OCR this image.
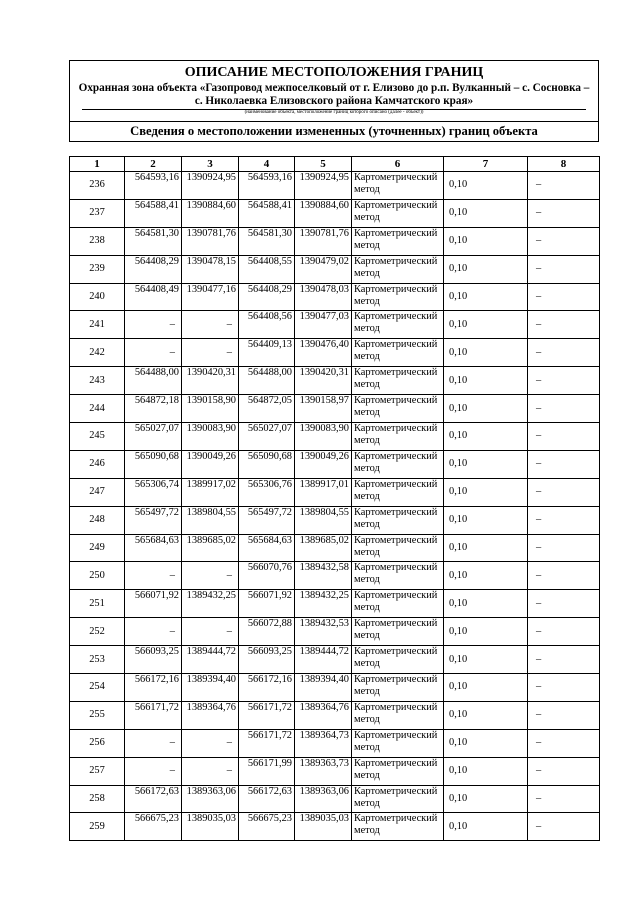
ОПИСАНИЕ МЕСТОПОЛОЖЕНИЯ ГРАНИЦ
Охранная зона объекта «Газопровод межпоселковый от г. Елизово до р.п. Вулканный – с. Сосновка – с. Николаевка Елизовского района Камчатского края»
(наименование объекта, местоположение границ которого описано (далее - объект))
Сведения о местоположении измененных (уточненных) границ объекта
1	2	3	4	5	6	7	8
236	564593,16	1390924,95	564593,16	1390924,95	Картометрический метод	0,10	–
237	564588,41	1390884,60	564588,41	1390884,60	Картометрический метод	0,10	–
238	564581,30	1390781,76	564581,30	1390781,76	Картометрический метод	0,10	–
239	564408,29	1390478,15	564408,55	1390479,02	Картометрический метод	0,10	–
240	564408,49	1390477,16	564408,29	1390478,03	Картометрический метод	0,10	–
241	–	–	564408,56	1390477,03	Картометрический метод	0,10	–
242	–	–	564409,13	1390476,40	Картометрический метод	0,10	–
243	564488,00	1390420,31	564488,00	1390420,31	Картометрический метод	0,10	–
244	564872,18	1390158,90	564872,05	1390158,97	Картометрический метод	0,10	–
245	565027,07	1390083,90	565027,07	1390083,90	Картометрический метод	0,10	–
246	565090,68	1390049,26	565090,68	1390049,26	Картометрический метод	0,10	–
247	565306,74	1389917,02	565306,76	1389917,01	Картометрический метод	0,10	–
248	565497,72	1389804,55	565497,72	1389804,55	Картометрический метод	0,10	–
249	565684,63	1389685,02	565684,63	1389685,02	Картометрический метод	0,10	–
250	–	–	566070,76	1389432,58	Картометрический метод	0,10	–
251	566071,92	1389432,25	566071,92	1389432,25	Картометрический метод	0,10	–
252	–	–	566072,88	1389432,53	Картометрический метод	0,10	–
253	566093,25	1389444,72	566093,25	1389444,72	Картометрический метод	0,10	–
254	566172,16	1389394,40	566172,16	1389394,40	Картометрический метод	0,10	–
255	566171,72	1389364,76	566171,72	1389364,76	Картометрический метод	0,10	–
256	–	–	566171,72	1389364,73	Картометрический метод	0,10	–
257	–	–	566171,99	1389363,73	Картометрический метод	0,10	–
258	566172,63	1389363,06	566172,63	1389363,06	Картометрический метод	0,10	–
259	566675,23	1389035,03	566675,23	1389035,03	Картометрический метод	0,10	–
